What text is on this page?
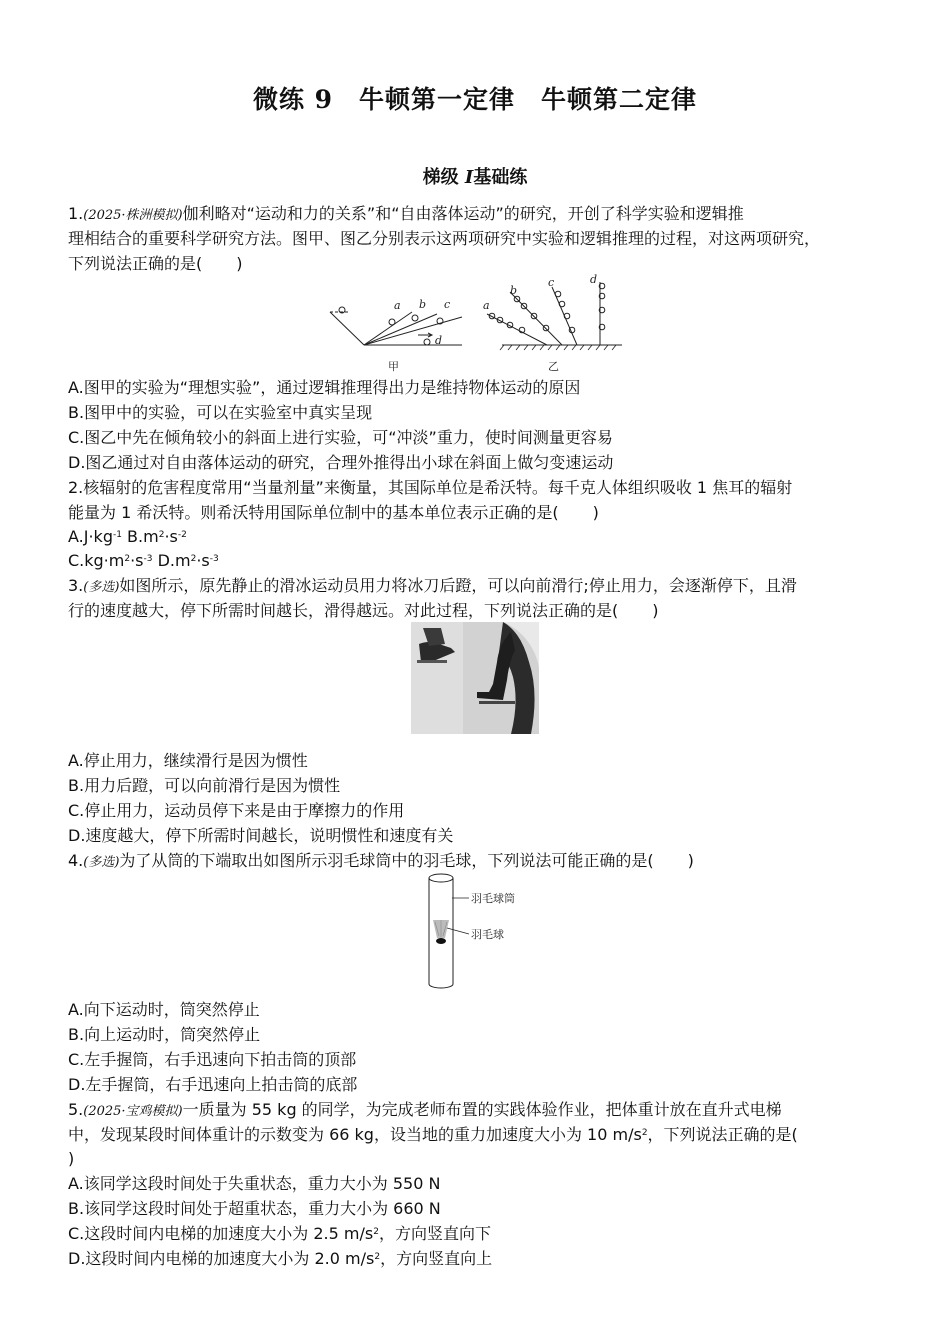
微练 9　牛顿第一定律　牛顿第二定律
梯级 Ⅰ基础练
1.(2025·株洲模拟)伽利略对“运动和力的关系”和“自由落体运动”的研究，开创了科学实验和逻辑推
理相结合的重要科学研究方法。图甲、图乙分别表示这两项研究中实验和逻辑推理的过程，对这两项研究，
下列说法正确的是( )
a b c
d
甲
a
b
c	d
乙
A.图甲的实验为“理想实验”，通过逻辑推理得出力是维持物体运动的原因
B.图甲中的实验，可以在实验室中真实呈现
C.图乙中先在倾角较小的斜面上进行实验，可“冲淡”重力，使时间测量更容易
D.图乙通过对自由落体运动的研究，合理外推得出小球在斜面上做匀变速运动
2.核辐射的危害程度常用“当量剂量”来衡量，其国际单位是希沃特。每千克人体组织吸收 1 焦耳的辐射
能量为 1 希沃特。则希沃特用国际单位制中的基本单位表示正确的是( )
$A.J\cdot kg^{-1}$ $B.m^2\cdot s^{-2}$
$C.kg\cdot m^2\cdot s^{-3}$ $D.m^2\cdot s^{-3}$
3.(多选)如图所示，原先静止的滑冰运动员用力将冰刀后蹬，可以向前滑行;停止用力，会逐渐停下，且滑
行的速度越大，停下所需时间越长，滑得越远。对此过程，下列说法正确的是( )
A.停止用力，继续滑行是因为惯性
B.用力后蹬，可以向前滑行是因为惯性
C.停止用力，运动员停下来是由于摩擦力的作用
D.速度越大，停下所需时间越长，说明惯性和速度有关
4.(多选)为了从筒的下端取出如图所示羽毛球筒中的羽毛球，下列说法可能正确的是( )
羽毛球筒
羽毛球
A.向下运动时，筒突然停止
B.向上运动时，筒突然停止
C.左手握筒，右手迅速向下拍击筒的顶部
D.左手握筒，右手迅速向上拍击筒的底部
5.(2025·宝鸡模拟)一质量为 55 kg 的同学，为完成老师布置的实践体验作业，把体重计放在直升式电梯
中，发现某段时间体重计的示数变为 66 kg，设当地的重力加速度大小为 10 $m/s^2$，下列说法正确的是(
)
A.该同学这段时间处于失重状态，重力大小为 550 N
B.该同学这段时间处于超重状态，重力大小为 660 N
C.这段时间内电梯的加速度大小为 2.5 $m/s^2$，方向竖直向下
D.这段时间内电梯的加速度大小为 2.0 $m/s^2$，方向竖直向上
